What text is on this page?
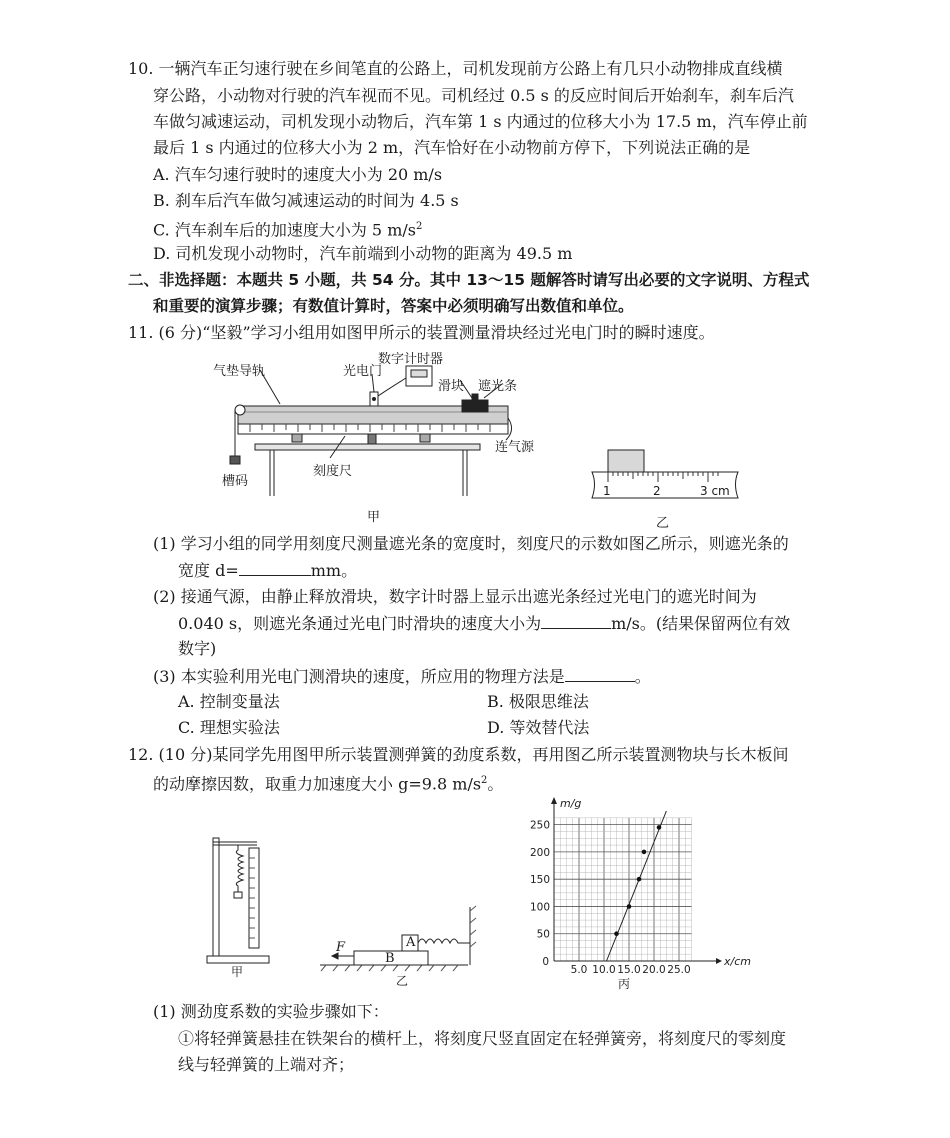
10. 一辆汽车正匀速行驶在乡间笔直的公路上，司机发现前方公路上有几只小动物排成直线横
穿公路，小动物对行驶的汽车视而不见。司机经过 0.5 s 的反应时间后开始刹车，刹车后汽
车做匀减速运动，司机发现小动物后，汽车第 1 s 内通过的位移大小为 17.5 m，汽车停止前
最后 1 s 内通过的位移大小为 2 m，汽车恰好在小动物前方停下，下列说法正确的是
A. 汽车匀速行驶时的速度大小为 20 m/s
B. 刹车后汽车做匀减速运动的时间为 4.5 s
C. 汽车刹车后的加速度大小为 5 $m/s^2$
D. 司机发现小动物时，汽车前端到小动物的距离为 49.5 m
二、非选择题：本题共 5 小题，共 54 分。其中 13～15 题解答时请写出必要的文字说明、方程式
和重要的演算步骤；有数值计算时，答案中必须明确写出数值和单位。
11. (6 分)“坚毅”学习小组用如图甲所示的装置测量滑块经过光电门时的瞬时速度。
气垫导轨	光电门
数字计时器
滑块 遮光条
连气源
槽码
刻度尺
甲
1	2	3 cm
乙
(1) 学习小组的同学用刻度尺测量遮光条的宽度时，刻度尺的示数如图乙所示，则遮光条的
宽度 d=	mm。
(2) 接通气源，由静止释放滑块，数字计时器上显示出遮光条经过光电门的遮光时间为
0.040 s，则遮光条通过光电门时滑块的速度大小为	m/s。(结果保留两位有效
数字)
(3) 本实验利用光电门测滑块的速度，所应用的物理方法是	。
A. 控制变量法	B. 极限思维法
C. 理想实验法	D. 等效替代法
12. (10 分)某同学先用图甲所示装置测弹簧的劲度系数，再用图乙所示装置测物块与长木板间
的动摩擦因数，取重力加速度大小 g=9.8 $m/s^2$。
甲
F	A
B
乙
5.0 10.0 15.0 20.0 25.0
50
100
150
200
250
0	x/cm
m/g
丙
(1) 测劲度系数的实验步骤如下：
①将轻弹簧悬挂在铁架台的横杆上，将刻度尺竖直固定在轻弹簧旁，将刻度尺的零刻度
线与轻弹簧的上端对齐；
